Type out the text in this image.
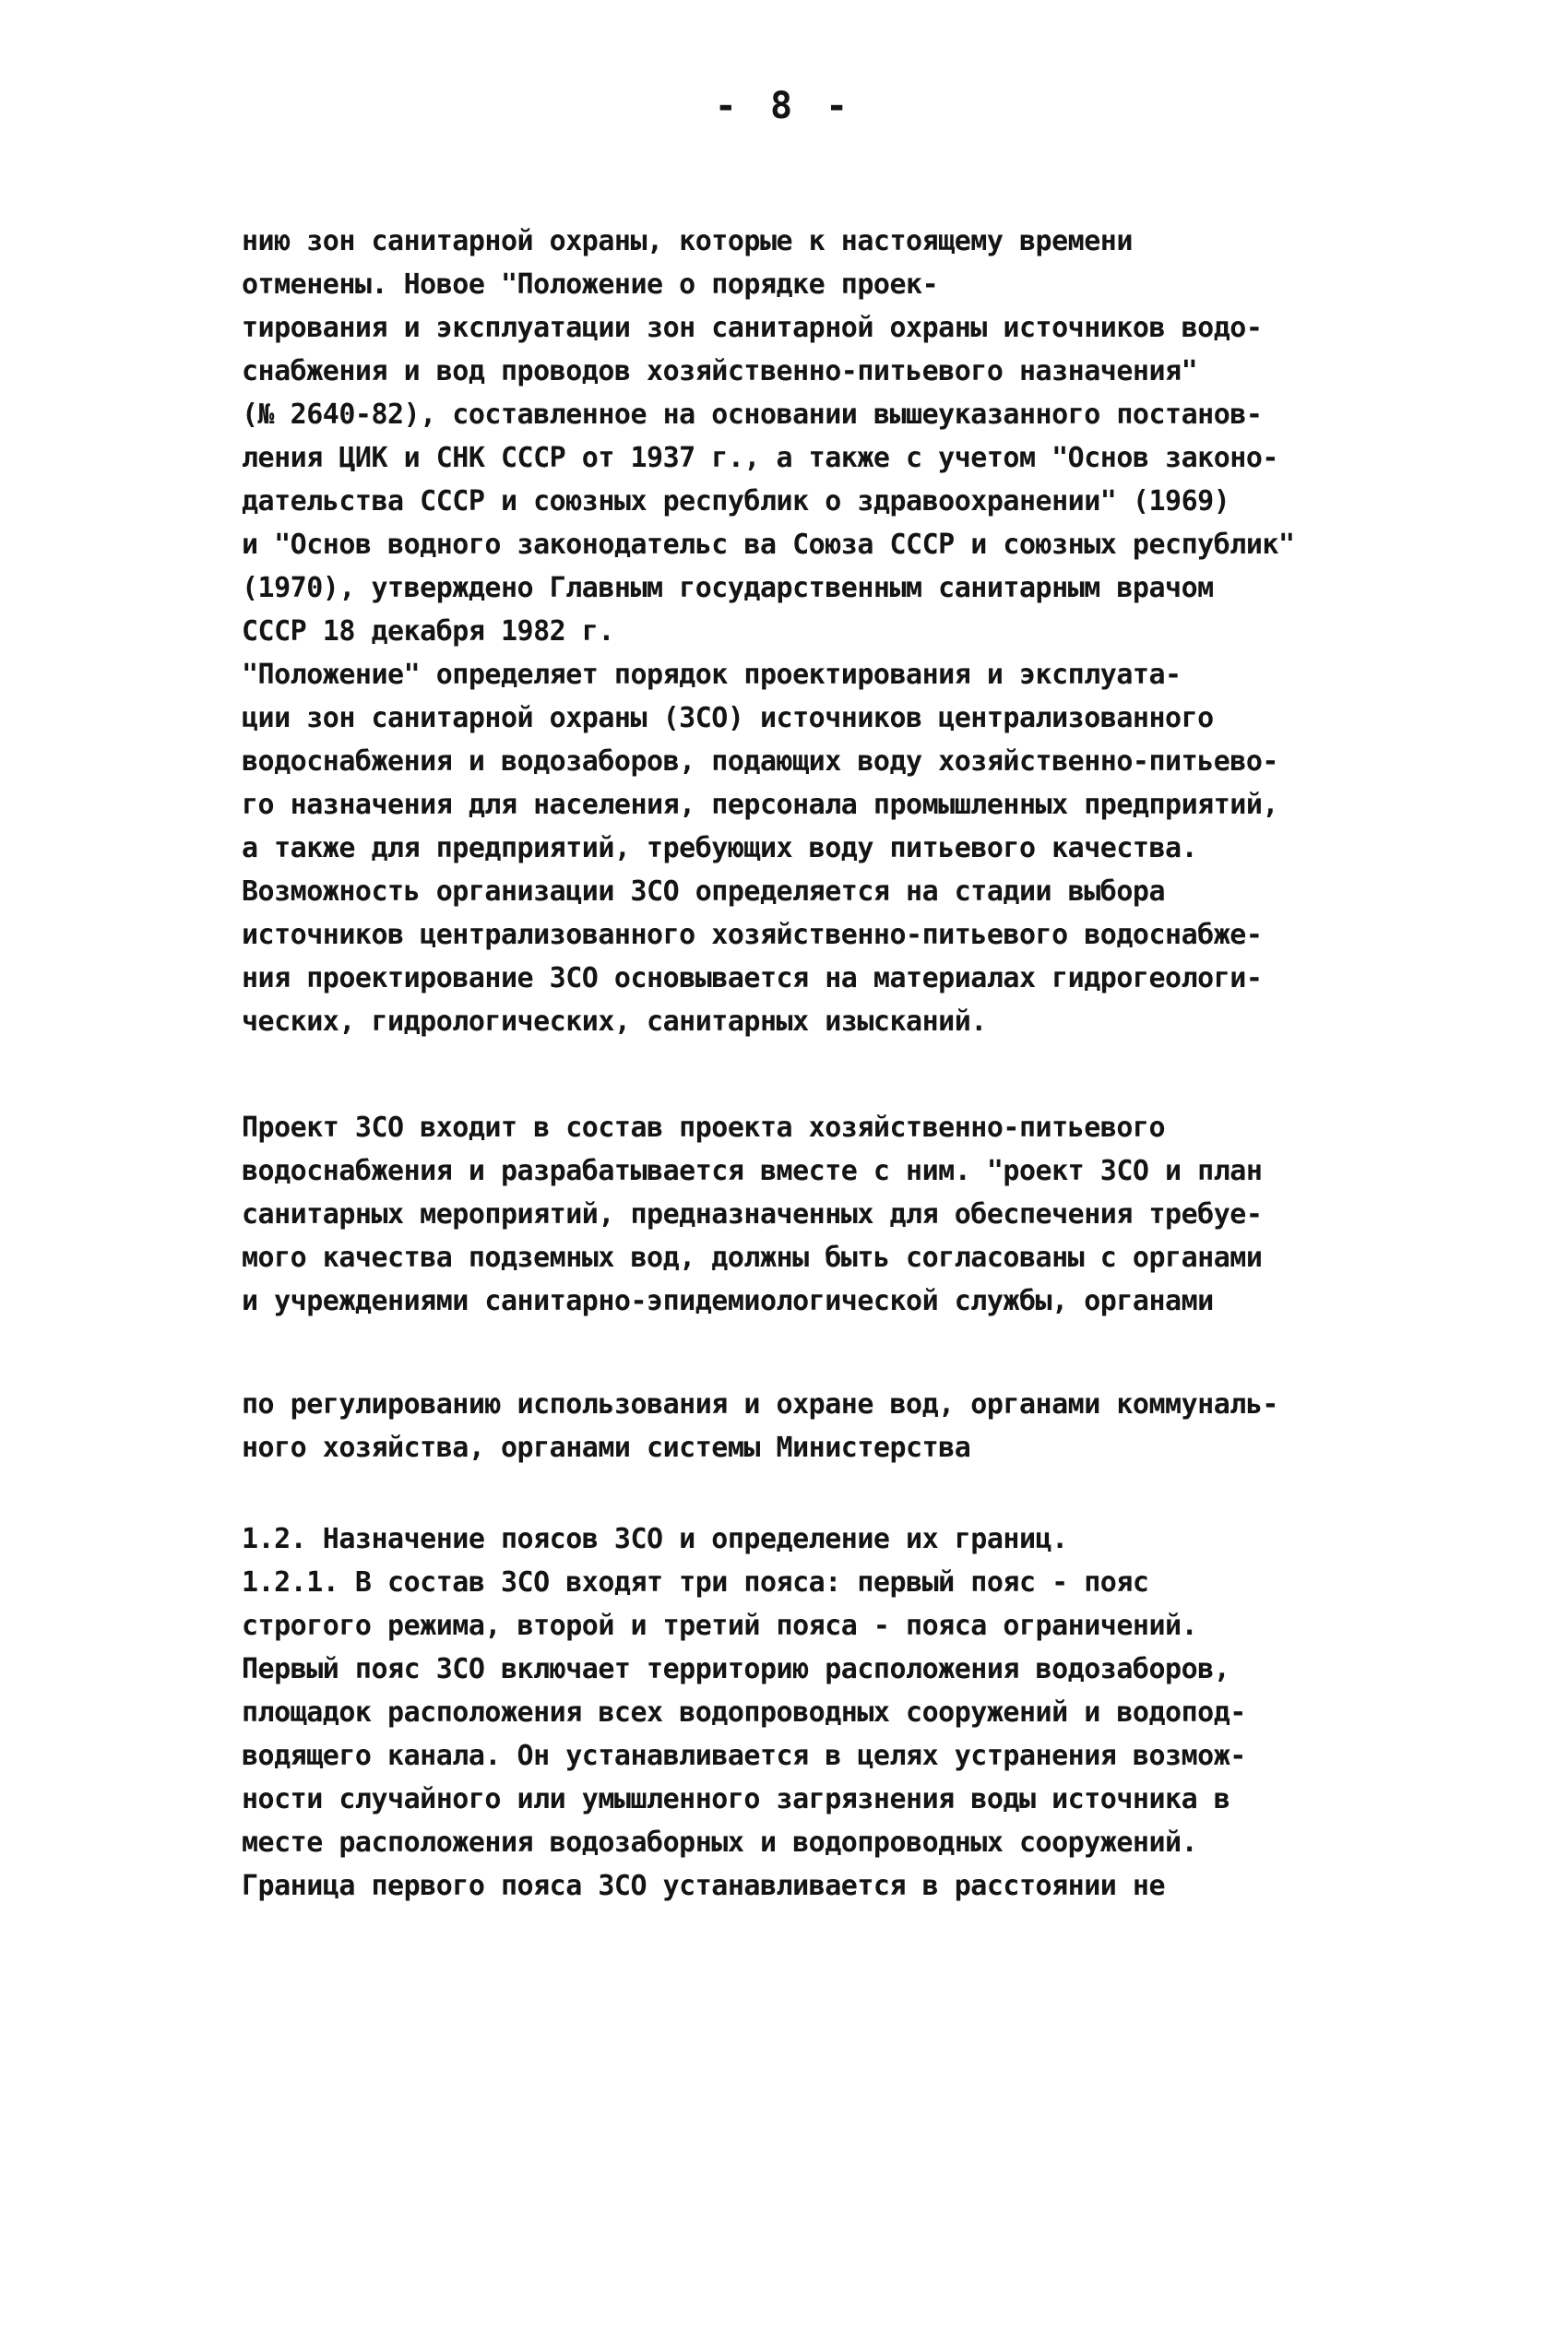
- 8 -
нию зон санитарной охраны, которые к настоящему времени
отменены. Новое "Положение о порядке проек-
тирования и эксплуатации зон санитарной охраны источников водо-
снабжения и вод проводов хозяйственно-питьевого назначения"
(№ 2640-82), составленное на основании вышеуказанного постанов-
ления ЦИК и СНК СССР от 1937 г., а также с учетом "Основ законо-
дательства СССР и союзных республик о здравоохранении" (1969)
и "Основ водного законодательс ва Союза СССР и союзных республик"
(1970), утверждено Главным государственным санитарным врачом
СССР 18 декабря 1982 г.
"Положение" определяет порядок проектирования и эксплуата-
ции зон санитарной охраны (ЗСО) источников централизованного
водоснабжения и водозаборов, подающих воду хозяйственно-питьево-
го назначения для населения, персонала промышленных предприятий,
а также для предприятий, требующих воду питьевого качества.
Возможность организации ЗСО определяется на стадии выбора
источников централизованного хозяйственно-питьевого водоснабже-
ния проектирование ЗСО основывается на материалах гидрогеологи-
ческих, гидрологических, санитарных изысканий.
Проект ЗСО входит в состав проекта хозяйственно-питьевого
водоснабжения и разрабатывается вместе с ним. "роект ЗСО и план
санитарных мероприятий, предназначенных для обеспечения требуе-
мого качества подземных вод, должны быть согласованы с органами
и учреждениями санитарно-эпидемиологической службы, органами
по регулированию использования и охране вод, органами коммуналь-
ного хозяйства, органами системы Министерства
1.2. Назначение поясов ЗСО и определение их границ.
1.2.1. В состав ЗСО входят три пояса: первый пояс - пояс
строгого режима, второй и третий пояса - пояса ограничений.
Первый пояс ЗСО включает территорию расположения водозаборов,
площадок расположения всех водопроводных сооружений и водопод-
водящего канала. Он устанавливается в целях устранения возмож-
ности случайного или умышленного загрязнения воды источника в
месте расположения водозаборных и водопроводных сооружений.
Граница первого пояса ЗСО устанавливается в расстоянии не
